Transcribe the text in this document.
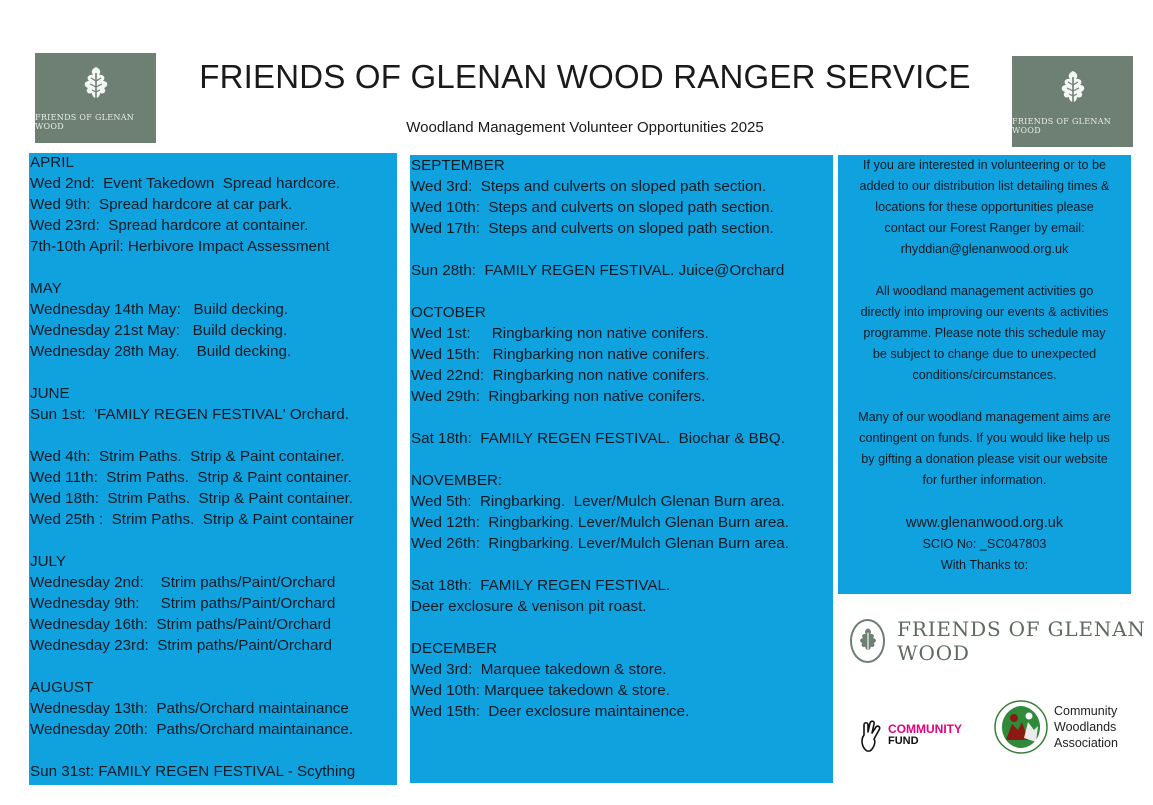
FRIENDS OF GLENAN WOOD
FRIENDS OF GLENAN WOOD RANGER SERVICE
Woodland Management Volunteer Opportunities 2025	FRIENDS OF GLENAN WOOD
APRIL
Wed 2nd:  Event Takedown  Spread hardcore.
Wed 9th:  Spread hardcore at car park.
Wed 23rd:  Spread hardcore at container.
7th-10th April: Herbivore Impact Assessment
MAY
Wednesday 14th May:   Build decking.
Wednesday 21st May:   Build decking.
Wednesday 28th May.    Build decking.
JUNE
Sun 1st:  'FAMILY REGEN FESTIVAL' Orchard.
Wed 4th:  Strim Paths.  Strip & Paint container.
Wed 11th:  Strim Paths.  Strip & Paint container.
Wed 18th:  Strim Paths.  Strip & Paint container.
Wed 25th :  Strim Paths.  Strip & Paint container
JULY
Wednesday 2nd:    Strim paths/Paint/Orchard
Wednesday 9th:     Strim paths/Paint/Orchard
Wednesday 16th:  Strim paths/Paint/Orchard
Wednesday 23rd:  Strim paths/Paint/Orchard
AUGUST
Wednesday 13th:  Paths/Orchard maintainance
Wednesday 20th:  Paths/Orchard maintainance.
Sun 31st: FAMILY REGEN FESTIVAL - Scything
SEPTEMBER
Wed 3rd:  Steps and culverts on sloped path section.
Wed 10th:  Steps and culverts on sloped path section.
Wed 17th:  Steps and culverts on sloped path section.
Sun 28th:  FAMILY REGEN FESTIVAL. Juice@Orchard
OCTOBER
Wed 1st:     Ringbarking non native conifers.
Wed 15th:   Ringbarking non native conifers.
Wed 22nd:  Ringbarking non native conifers.
Wed 29th:  Ringbarking non native conifers.
Sat 18th:  FAMILY REGEN FESTIVAL.  Biochar & BBQ.
NOVEMBER:
Wed 5th:  Ringbarking.  Lever/Mulch Glenan Burn area.
Wed 12th:  Ringbarking. Lever/Mulch Glenan Burn area.
Wed 26th:  Ringbarking. Lever/Mulch Glenan Burn area.
Sat 18th:  FAMILY REGEN FESTIVAL.
Deer exclosure & venison pit roast.
DECEMBER
Wed 3rd:  Marquee takedown & store.
Wed 10th: Marquee takedown & store.
Wed 15th:  Deer exclosure maintainence.
If you are interested in volunteering or to be
added to our distribution list detailing times &
locations for these opportunities please
contact our Forest Ranger by email:
rhyddian@glenanwood.org.uk
All woodland management activities go
directly into improving our events & activities
programme. Please note this schedule may
be subject to change due to unexpected
conditions/circumstances.
Many of our woodland management aims are
contingent on funds. If you would like help us
by gifting a donation please visit our website
for further information.
www.glenanwood.org.uk
SCIO No: _SC047803
With Thanks to:
FRIENDS OF GLENAN WOOD
COMMUNITY
FUND
Community
Woodlands
Association
